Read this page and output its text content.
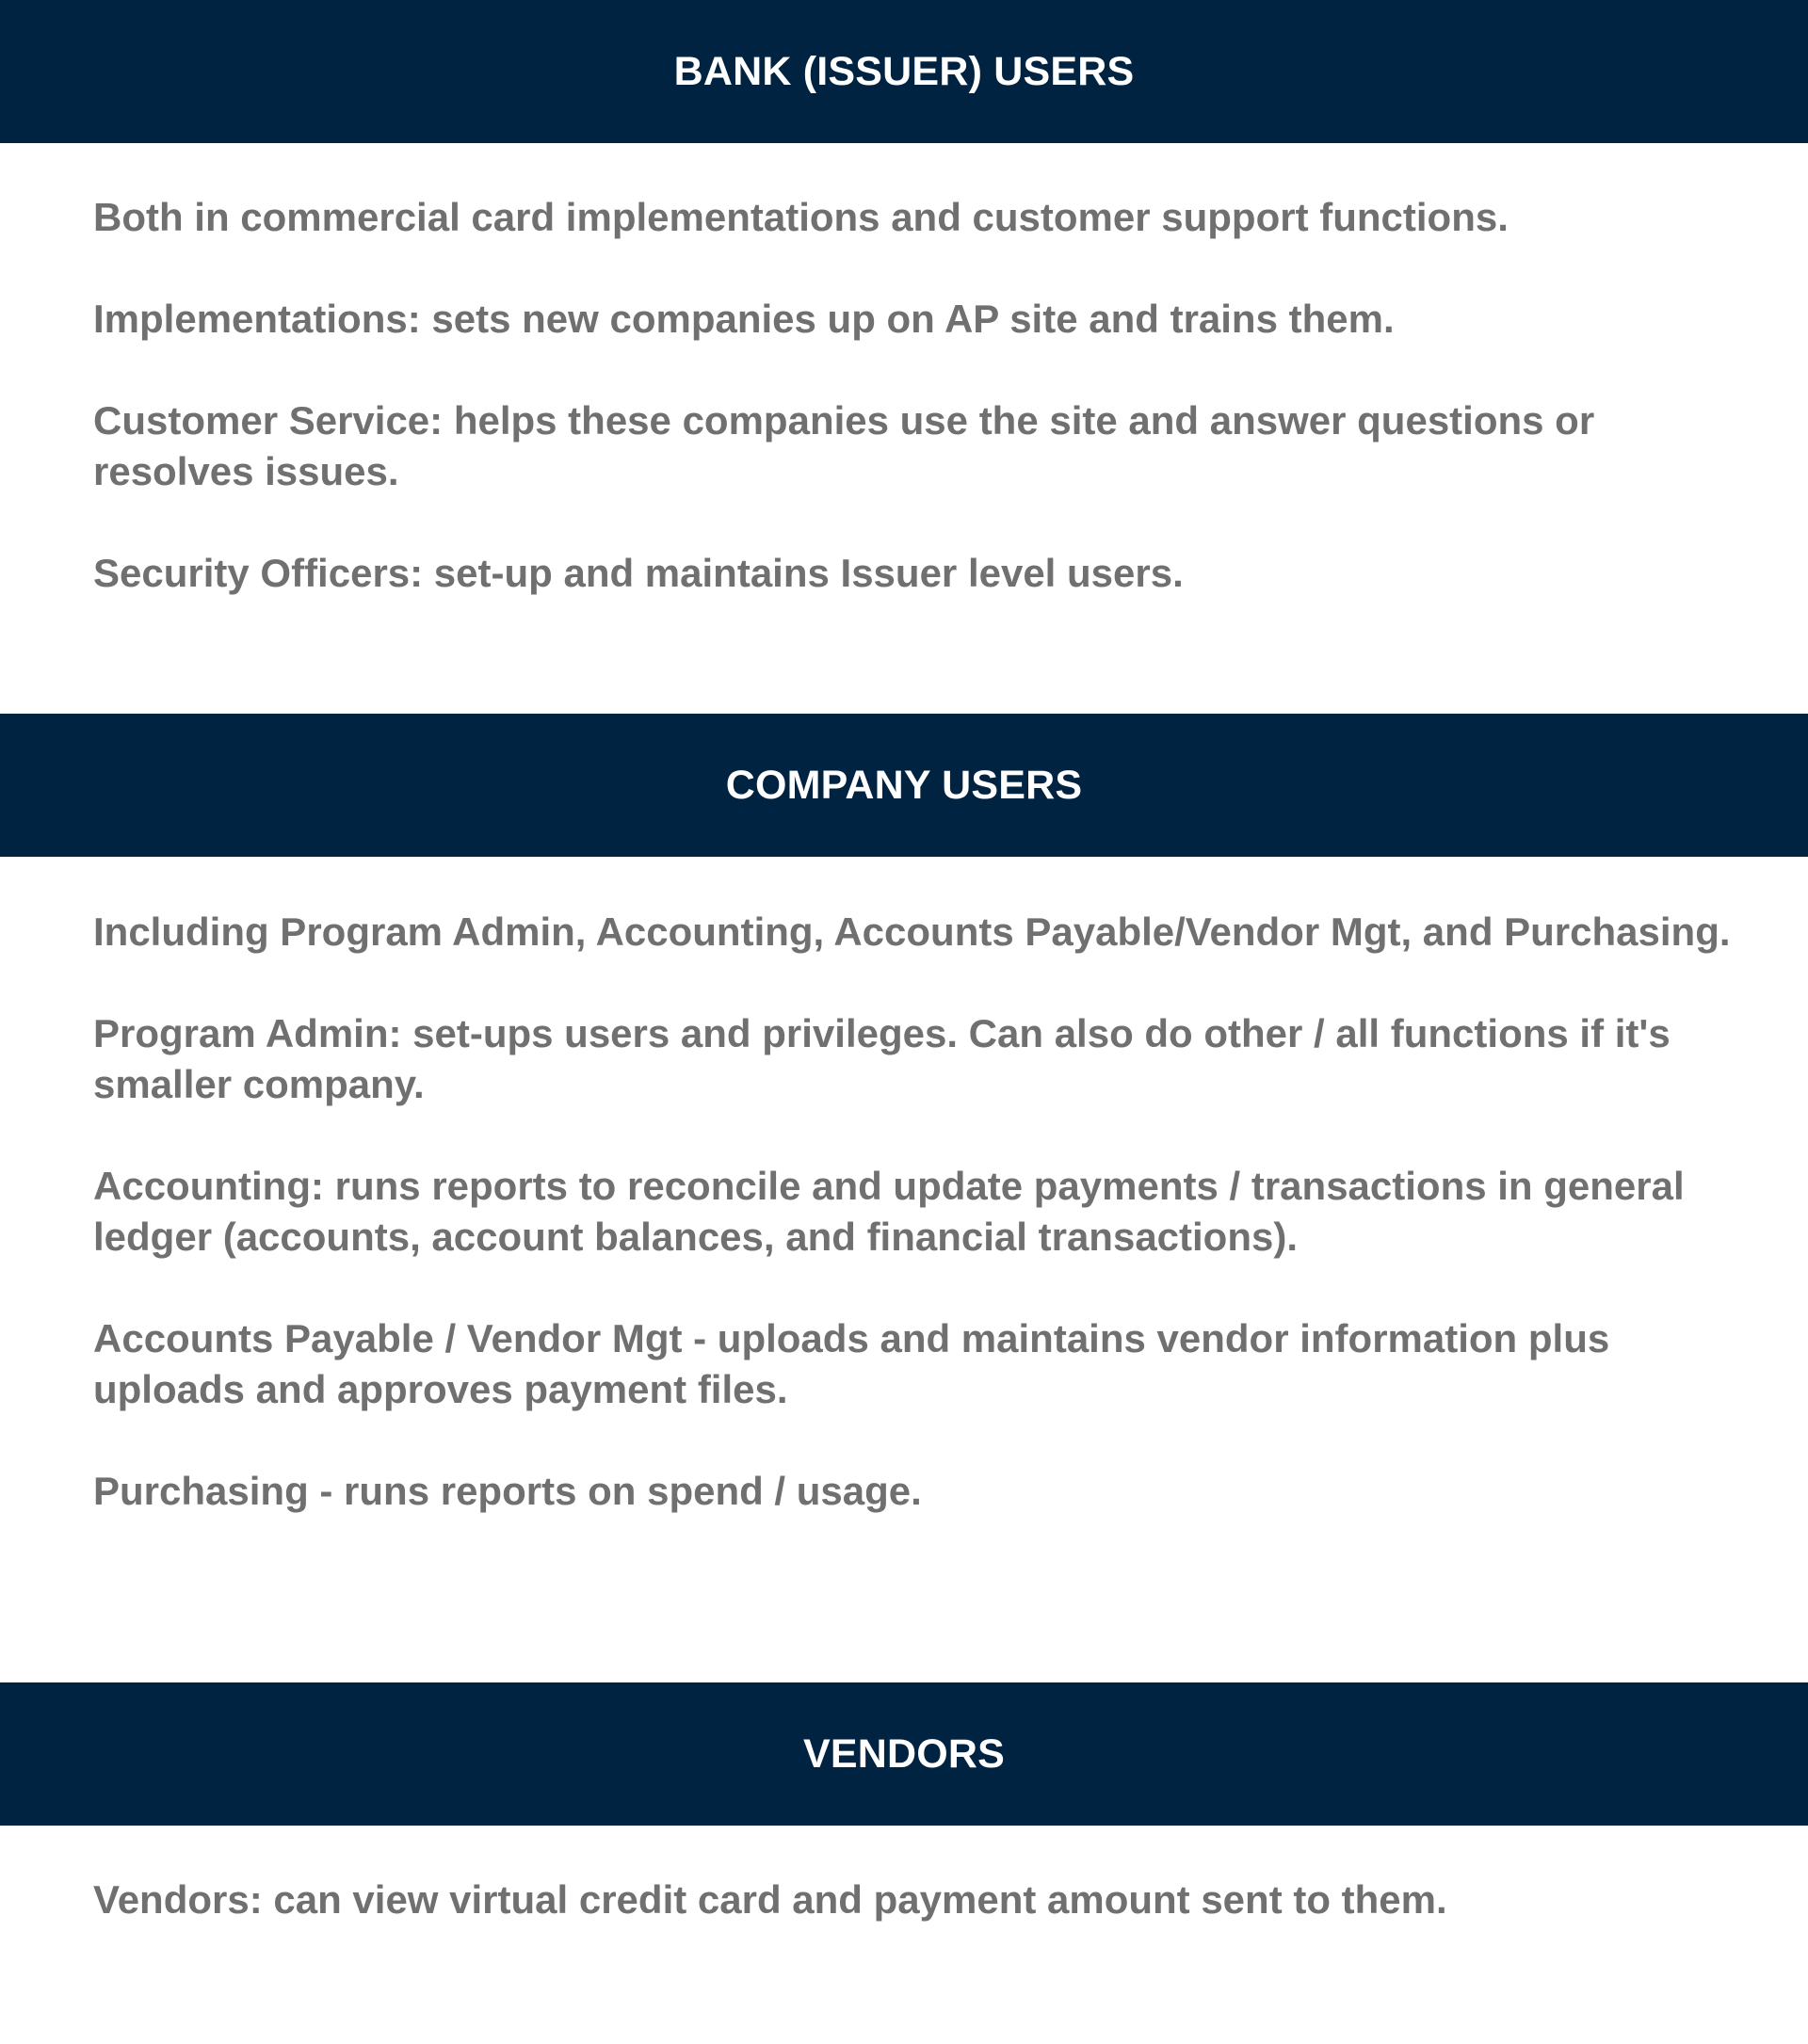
BANK (ISSUER) USERS

Both in commercial card implementations and customer support functions.

Implementations: sets new companies up on AP site and trains them.

Customer Service: helps these companies use the site and answer questions or resolves issues.

Security Officers: set-up and maintains Issuer level users.

COMPANY USERS

Including Program Admin, Accounting, Accounts Payable/Vendor Mgt, and Purchasing.

Program Admin: set-ups users and privileges. Can also do other / all functions if it's smaller company.

Accounting: runs reports to reconcile and update payments / transactions in general ledger (accounts, account balances, and financial transactions).

Accounts Payable / Vendor Mgt - uploads and maintains vendor information plus uploads and approves payment files.

Purchasing - runs reports on spend / usage.

VENDORS

Vendors: can view virtual credit card and payment amount sent to them.
